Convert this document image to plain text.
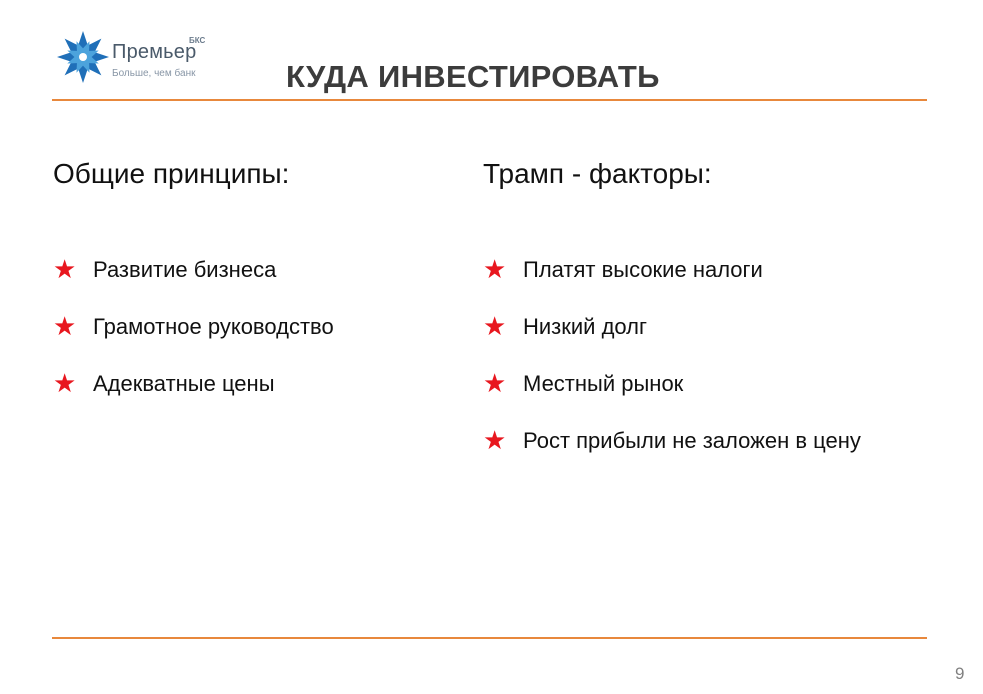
Премьер
БКС
Больше, чем банк	КУДА ИНВЕСТИРОВАТЬ
Общие принципы:
★ Развитие бизнеса
★ Грамотное руководство
★ Адекватные цены
Трамп - факторы:
★ Платят высокие налоги
★ Низкий долг
★ Местный рынок
★ Рост прибыли не заложен в цену
9
